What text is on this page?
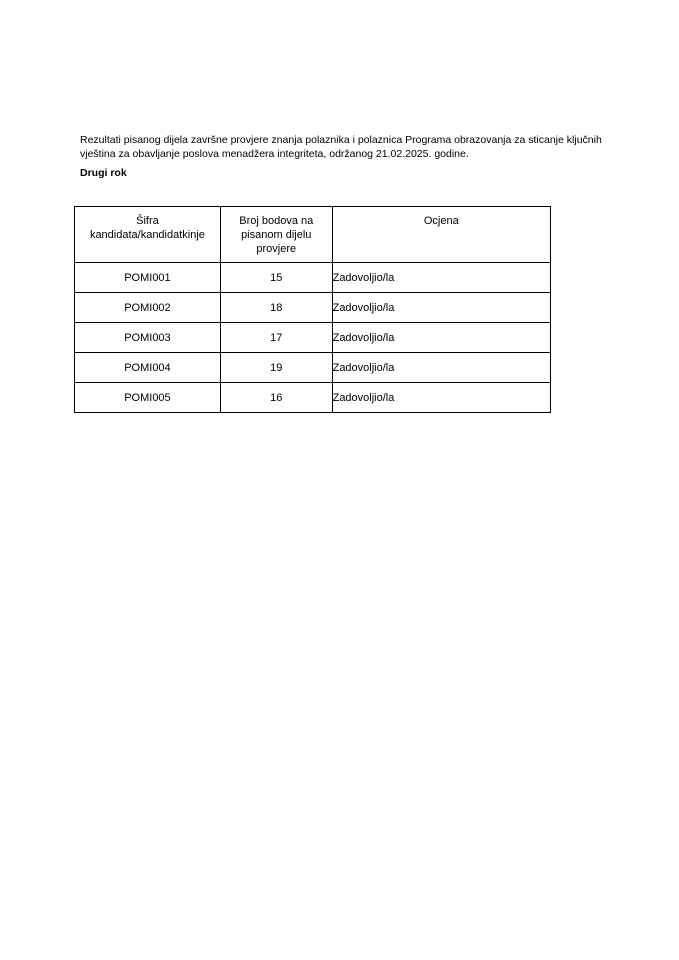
Rezultati pisanog dijela završne provjere znanja polaznika i polaznica Programa obrazovanja za sticanje ključnih
vještina za obavljanje poslova menadžera integriteta, održanog 21.02.2025. godine.

Drugi rok

Šifra
kandidata/kandidatkinje	Broj bodova na
pisanom dijelu
provjere	Ocjena

POMI001	15	Zadovoljio/la
POMI002	18	Zadovoljio/la
POMI003	17	Zadovoljio/la
POMI004	19	Zadovoljio/la
POMI005	16	Zadovoljio/la
